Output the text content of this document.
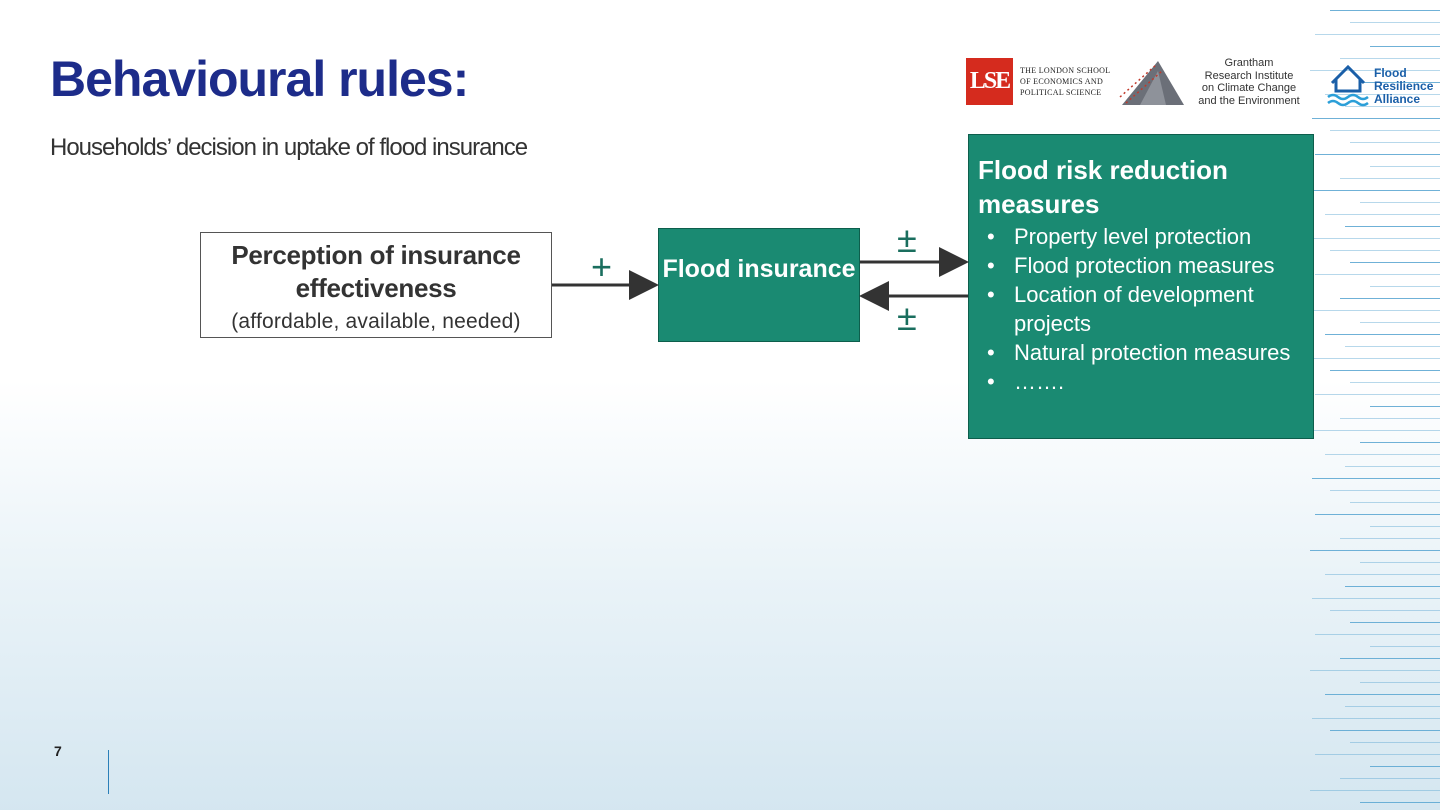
Behavioural rules:
Households’ decision in uptake of flood insurance
LSE	THE LONDON SCHOOL
OF ECONOMICS AND
POLITICAL SCIENCE
Grantham
Research Institute
on Climate Change
and the Environment
Flood
Resilience
Alliance
Perception of insurance effectiveness
(affordable, available, needed)
Flood insurance
Flood risk reduction measures
• Property level protection
• Flood protection measures
• Location of development projects
• Natural protection measures
• …….
+
±
±
7
